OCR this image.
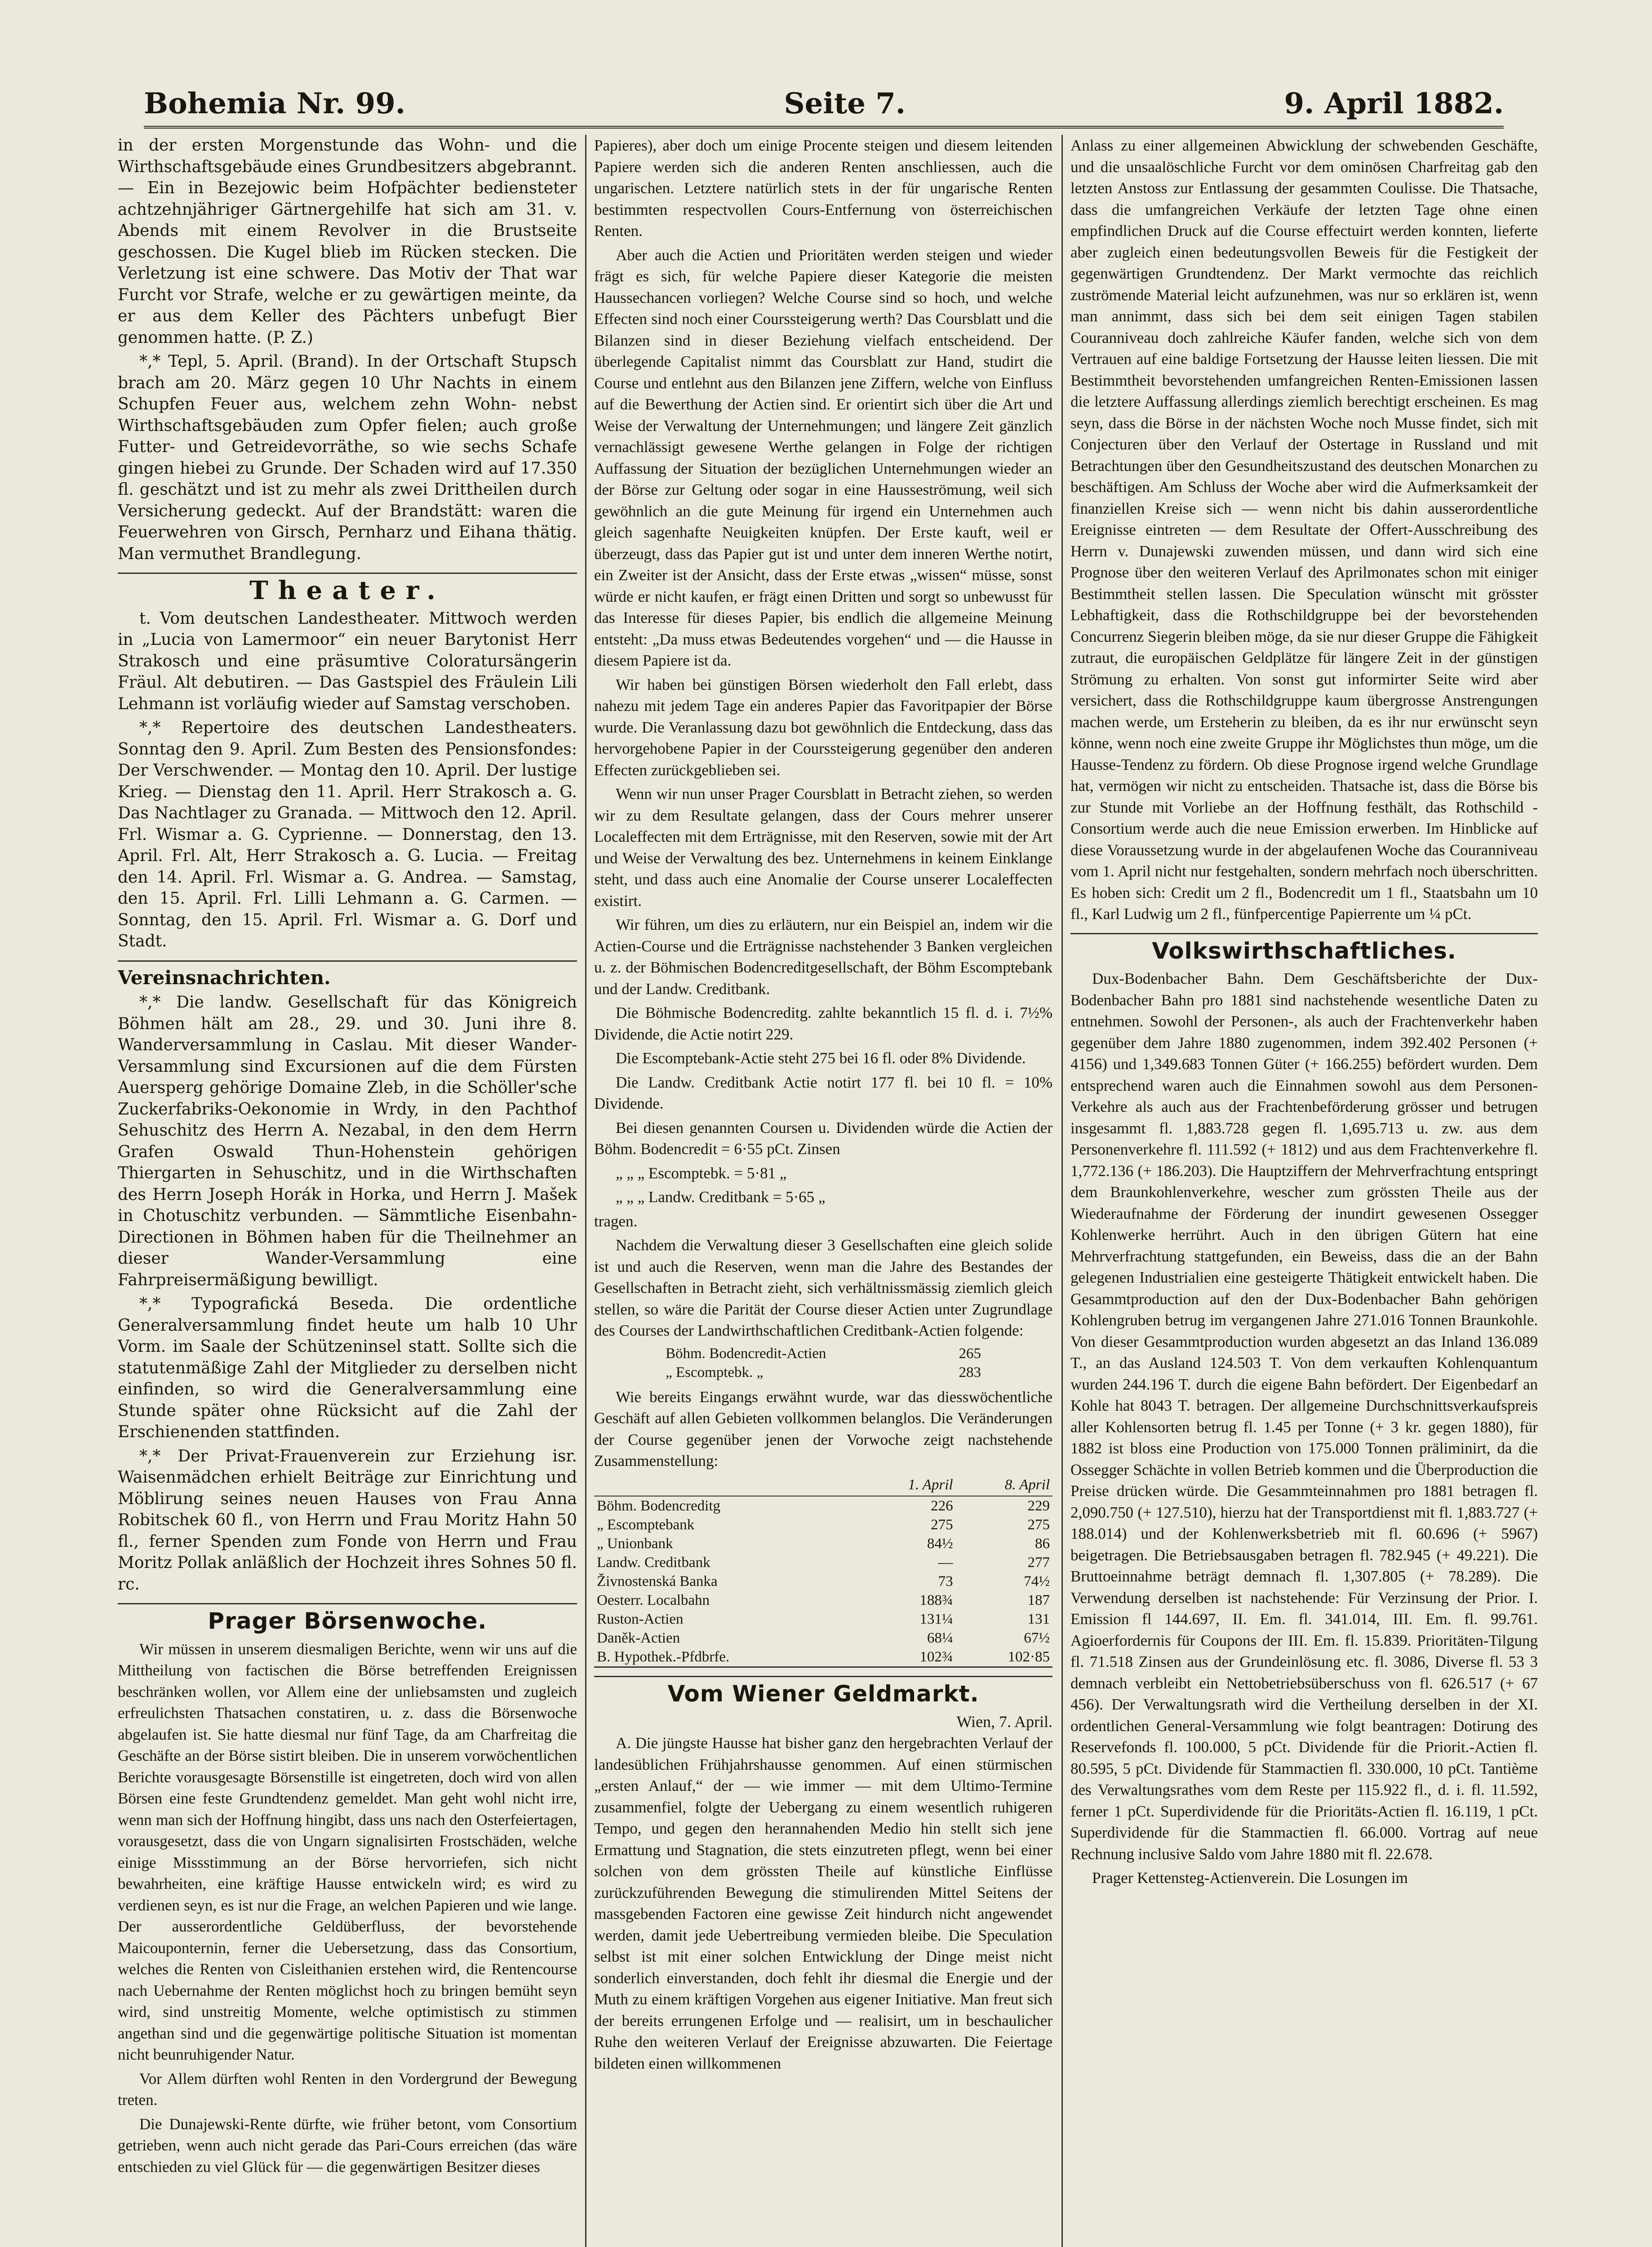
Bohemia Nr. 99.	Seite 7.	9. April 1882.

in der ersten Morgenstunde das Wohn- und die Wirthschaftsgebäude eines Grundbesitzers abgebrannt. — Ein in Bezejowic beim Hofpächter bediensteter achtzehnjähriger Gärtnergehilfe hat sich am 31. v. Abends mit einem Revolver in die Brustseite geschossen. Die Kugel blieb im Rücken stecken. Die Verletzung ist eine schwere. Das Motiv der That war Furcht vor Strafe, welche er zu gewärtigen meinte, da er aus dem Keller des Pächters unbefugt Bier genommen hatte. (P. Z.)

*,* Tepl, 5. April. (Brand). In der Ortschaft Stupsch brach am 20. März gegen 10 Uhr Nachts in einem Schupfen Feuer aus, welchem zehn Wohn- nebst Wirthschaftsgebäuden zum Opfer fielen; auch große Futter- und Getreidevorräthe, so wie sechs Schafe gingen hiebei zu Grunde. Der Schaden wird auf 17.350 fl. geschätzt und ist zu mehr als zwei Drittheilen durch Versicherung gedeckt. Auf der Brandstätt: waren die Feuerwehren von Girsch, Pernharz und Eihana thätig. Man vermuthet Brandlegung.

Theater.

t. Vom deutschen Landestheater. Mittwoch werden in „Lucia von Lamermoor“ ein neuer Barytonist Herr Strakosch und eine präsumtive Coloratursängerin Fräul. Alt debutiren. — Das Gastspiel des Fräulein Lili Lehmann ist vorläufig wieder auf Samstag verschoben.

*,* Repertoire des deutschen Landestheaters. Sonntag den 9. April. Zum Besten des Pensionsfondes: Der Verschwender. — Montag den 10. April. Der lustige Krieg. — Dienstag den 11. April. Herr Strakosch a. G. Das Nachtlager zu Granada. — Mittwoch den 12. April. Frl. Wismar a. G. Cyprienne. — Donnerstag, den 13. April. Frl. Alt, Herr Strakosch a. G. Lucia. — Freitag den 14. April. Frl. Wismar a. G. Andrea. — Samstag, den 15. April. Frl. Lilli Lehmann a. G. Carmen. — Sonntag, den 15. April. Frl. Wismar a. G. Dorf und Stadt.

Vereinsnachrichten.

*,* Die landw. Gesellschaft für das Königreich Böhmen hält am 28., 29. und 30. Juni ihre 8. Wanderversammlung in Caslau. Mit dieser Wander-Versammlung sind Excursionen auf die dem Fürsten Auersperg gehörige Domaine Zleb, in die Schöller'sche Zuckerfabriks-Oekonomie in Wrdy, in den Pachthof Sehuschitz des Herrn A. Nezabal, in den dem Herrn Grafen Oswald Thun-Hohenstein gehörigen Thiergarten in Sehuschitz, und in die Wirthschaften des Herrn Joseph Horák in Horka, und Herrn J. Mašek in Chotuschitz verbunden. — Sämmtliche Eisenbahn-Directionen in Böhmen haben für die Theilnehmer an dieser Wander-Versammlung eine Fahrpreisermäßigung bewilligt.

*,* Typografická Beseda. Die ordentliche Generalversammlung findet heute um halb 10 Uhr Vorm. im Saale der Schützeninsel statt. Sollte sich die statutenmäßige Zahl der Mitglieder zu derselben nicht einfinden, so wird die Generalversammlung eine Stunde später ohne Rücksicht auf die Zahl der Erschienenden stattfinden.

*,* Der Privat-Frauenverein zur Erziehung isr. Waisenmädchen erhielt Beiträge zur Einrichtung und Möblirung seines neuen Hauses von Frau Anna Robitschek 60 fl., von Herrn und Frau Moritz Hahn 50 fl., ferner Spenden zum Fonde von Herrn und Frau Moritz Pollak anläßlich der Hochzeit ihres Sohnes 50 fl. rc.

Prager Börsenwoche.

Wir müssen in unserem diesmaligen Berichte, wenn wir uns auf die Mittheilung von factischen die Börse betreffenden Ereignissen beschränken wollen, vor Allem eine der unliebsamsten und zugleich erfreulichsten Thatsachen constatiren, u. z. dass die Börsenwoche abgelaufen ist. Sie hatte diesmal nur fünf Tage, da am Charfreitag die Geschäfte an der Börse sistirt bleiben. Die in unserem vorwöchentlichen Berichte vorausgesagte Börsenstille ist eingetreten, doch wird von allen Börsen eine feste Grundtendenz gemeldet. Man geht wohl nicht irre, wenn man sich der Hoffnung hingibt, dass uns nach den Osterfeiertagen, vorausgesetzt, dass die von Ungarn signalisirten Frostschäden, welche einige Missstimmung an der Börse hervorriefen, sich nicht bewahrheiten, eine kräftige Hausse entwickeln wird; es wird zu verdienen seyn, es ist nur die Frage, an welchen Papieren und wie lange. Der ausserordentliche Geldüberfluss, der bevorstehende Maicouponternin, ferner die Uebersetzung, dass das Consortium, welches die Renten von Cisleithanien erstehen wird, die Rentencourse nach Uebernahme der Renten möglichst hoch zu bringen bemüht seyn wird, sind unstreitig Momente, welche optimistisch zu stimmen angethan sind und die gegenwärtige politische Situation ist momentan nicht beunruhigender Natur.

Vor Allem dürften wohl Renten in den Vordergrund der Bewegung treten.

Die Dunajewski-Rente dürfte, wie früher betont, vom Consortium getrieben, wenn auch nicht gerade das Pari-Cours erreichen (das wäre entschieden zu viel Glück für — die gegenwärtigen Besitzer dieses

Papieres), aber doch um einige Procente steigen und diesem leitenden Papiere werden sich die anderen Renten anschliessen, auch die ungarischen. Letztere natürlich stets in der für ungarische Renten bestimmten respectvollen Cours-Entfernung von österreichischen Renten.

Aber auch die Actien und Prioritäten werden steigen und wieder frägt es sich, für welche Papiere dieser Kategorie die meisten Haussechancen vorliegen? Welche Course sind so hoch, und welche Effecten sind noch einer Courssteigerung werth? Das Coursblatt und die Bilanzen sind in dieser Beziehung vielfach entscheidend. Der überlegende Capitalist nimmt das Coursblatt zur Hand, studirt die Course und entlehnt aus den Bilanzen jene Ziffern, welche von Einfluss auf die Bewerthung der Actien sind. Er orientirt sich über die Art und Weise der Verwaltung der Unternehmungen; und längere Zeit gänzlich vernachlässigt gewesene Werthe gelangen in Folge der richtigen Auffassung der Situation der bezüglichen Unternehmungen wieder an der Börse zur Geltung oder sogar in eine Hausseströmung, weil sich gewöhnlich an die gute Meinung für irgend ein Unternehmen auch gleich sagenhafte Neuigkeiten knüpfen. Der Erste kauft, weil er überzeugt, dass das Papier gut ist und unter dem inneren Werthe notirt, ein Zweiter ist der Ansicht, dass der Erste etwas „wissen“ müsse, sonst würde er nicht kaufen, er frägt einen Dritten und sorgt so unbewusst für das Interesse für dieses Papier, bis endlich die allgemeine Meinung entsteht: „Da muss etwas Bedeutendes vorgehen“ und — die Hausse in diesem Papiere ist da.

Wir haben bei günstigen Börsen wiederholt den Fall erlebt, dass nahezu mit jedem Tage ein anderes Papier das Favoritpapier der Börse wurde. Die Veranlassung dazu bot gewöhnlich die Entdeckung, dass das hervorgehobene Papier in der Courssteigerung gegenüber den anderen Effecten zurückgeblieben sei.

Wenn wir nun unser Prager Coursblatt in Betracht ziehen, so werden wir zu dem Resultate gelangen, dass der Cours mehrer unserer Localeffecten mit dem Erträgnisse, mit den Reserven, sowie mit der Art und Weise der Verwaltung des bez. Unternehmens in keinem Einklange steht, und dass auch eine Anomalie der Course unserer Localeffecten existirt.

Wir führen, um dies zu erläutern, nur ein Beispiel an, indem wir die Actien-Course und die Erträgnisse nachstehender 3 Banken vergleichen u. z. der Böhmischen Bodencreditgesellschaft, der Böhm Escomptebank und der Landw. Creditbank.

Die Böhmische Bodencreditg. zahlte bekanntlich 15 fl. d. i. 7½% Dividende, die Actie notirt 229.

Die Escomptebank-Actie steht 275 bei 16 fl. oder 8% Dividende.

Die Landw. Creditbank Actie notirt 177 fl. bei 10 fl. = 10% Dividende.

Bei diesen genannten Coursen u. Dividenden würde die Actien der Böhm. Bodencredit = 6·55 pCt. Zinsen

„ „ „ Escomptebk. = 5·81 „

„ „ „ Landw. Creditbank = 5·65 „

tragen.

Nachdem die Verwaltung dieser 3 Gesellschaften eine gleich solide ist und auch die Reserven, wenn man die Jahre des Bestandes der Gesellschaften in Betracht zieht, sich verhältnissmässig ziemlich gleich stellen, so wäre die Parität der Course dieser Actien unter Zugrundlage des Courses der Landwirthschaftlichen Creditbank-Actien folgende:

Böhm. Bodencredit-Actien	265
„ Escomptebk. „	283

Wie bereits Eingangs erwähnt wurde, war das diesswöchentliche Geschäft auf allen Gebieten vollkommen belanglos. Die Veränderungen der Course gegenüber jenen der Vorwoche zeigt nachstehende Zusammenstellung:

	1. April	8. April
Böhm. Bodencreditg	226	229
„ Escomptebank	275	275
„ Unionbank	84½	86
Landw. Creditbank	—	277
Živnostenská Banka	73	74½
Oesterr. Localbahn	188¾	187
Ruston-Actien	131¼	131
Daněk-Actien	68¼	67½
B. Hypothek.-Pfdbrfe.	102¾	102·85
Vom Wiener Geldmarkt.
Wien, 7. April.

A. Die jüngste Hausse hat bisher ganz den hergebrachten Verlauf der landesüblichen Frühjahrshausse genommen. Auf einen stürmischen „ersten Anlauf,“ der — wie immer — mit dem Ultimo-Termine zusammenfiel, folgte der Uebergang zu einem wesentlich ruhigeren Tempo, und gegen den herannahenden Medio hin stellt sich jene Ermattung und Stagnation, die stets einzutreten pflegt, wenn bei einer solchen von dem grössten Theile auf künstliche Einflüsse zurückzuführenden Bewegung die stimulirenden Mittel Seitens der massgebenden Factoren eine gewisse Zeit hindurch nicht angewendet werden, damit jede Uebertreibung vermieden bleibe. Die Speculation selbst ist mit einer solchen Entwicklung der Dinge meist nicht sonderlich einverstanden, doch fehlt ihr diesmal die Energie und der Muth zu einem kräftigen Vorgehen aus eigener Initiative. Man freut sich der bereits errungenen Erfolge und — realisirt, um in beschaulicher Ruhe den weiteren Verlauf der Ereignisse abzuwarten. Die Feiertage bildeten einen willkommenen

Anlass zu einer allgemeinen Abwicklung der schwebenden Geschäfte, und die unsaalöschliche Furcht vor dem ominösen Charfreitag gab den letzten Anstoss zur Entlassung der gesammten Coulisse. Die Thatsache, dass die umfangreichen Verkäufe der letzten Tage ohne einen empfindlichen Druck auf die Course effectuirt werden konnten, lieferte aber zugleich einen bedeutungsvollen Beweis für die Festigkeit der gegenwärtigen Grundtendenz. Der Markt vermochte das reichlich zuströmende Material leicht aufzunehmen, was nur so erklären ist, wenn man annimmt, dass sich bei dem seit einigen Tagen stabilen Couranniveau doch zahlreiche Käufer fanden, welche sich von dem Vertrauen auf eine baldige Fortsetzung der Hausse leiten liessen. Die mit Bestimmtheit bevorstehenden umfangreichen Renten-Emissionen lassen die letztere Auffassung allerdings ziemlich berechtigt erscheinen. Es mag seyn, dass die Börse in der nächsten Woche noch Musse findet, sich mit Conjecturen über den Verlauf der Ostertage in Russland und mit Betrachtungen über den Gesundheitszustand des deutschen Monarchen zu beschäftigen. Am Schluss der Woche aber wird die Aufmerksamkeit der finanziellen Kreise sich — wenn nicht bis dahin ausserordentliche Ereignisse eintreten — dem Resultate der Offert-Ausschreibung des Herrn v. Dunajewski zuwenden müssen, und dann wird sich eine Prognose über den weiteren Verlauf des Aprilmonates schon mit einiger Bestimmtheit stellen lassen. Die Speculation wünscht mit grösster Lebhaftigkeit, dass die Rothschildgruppe bei der bevorstehenden Concurrenz Siegerin bleiben möge, da sie nur dieser Gruppe die Fähigkeit zutraut, die europäischen Geldplätze für längere Zeit in der günstigen Strömung zu erhalten. Von sonst gut informirter Seite wird aber versichert, dass die Rothschildgruppe kaum übergrosse Anstrengungen machen werde, um Ersteherin zu bleiben, da es ihr nur erwünscht seyn könne, wenn noch eine zweite Gruppe ihr Möglichstes thun möge, um die Hausse-Tendenz zu fördern. Ob diese Prognose irgend welche Grundlage hat, vermögen wir nicht zu entscheiden. Thatsache ist, dass die Börse bis zur Stunde mit Vorliebe an der Hoffnung festhält, das Rothschild - Consortium werde auch die neue Emission erwerben. Im Hinblicke auf diese Voraussetzung wurde in der abgelaufenen Woche das Couranniveau vom 1. April nicht nur festgehalten, sondern mehrfach noch überschritten. Es hoben sich: Credit um 2 fl., Bodencredit um 1 fl., Staatsbahn um 10 fl., Karl Ludwig um 2 fl., fünfpercentige Papierrente um ¼ pCt.

Volkswirthschaftliches.

Dux-Bodenbacher Bahn. Dem Geschäftsberichte der Dux-Bodenbacher Bahn pro 1881 sind nachstehende wesentliche Daten zu entnehmen. Sowohl der Personen-, als auch der Frachtenverkehr haben gegenüber dem Jahre 1880 zugenommen, indem 392.402 Personen (+ 4156) und 1,349.683 Tonnen Güter (+ 166.255) befördert wurden. Dem entsprechend waren auch die Einnahmen sowohl aus dem Personen-Verkehre als auch aus der Frachtenbeförderung grösser und betrugen insgesammt fl. 1,883.728 gegen fl. 1,695.713 u. zw. aus dem Personenverkehre fl. 111.592 (+ 1812) und aus dem Frachtenverkehre fl. 1,772.136 (+ 186.203). Die Hauptziffern der Mehrverfrachtung entspringt dem Braunkohlenverkehre, wescher zum grössten Theile aus der Wiederaufnahme der Förderung der inundirt gewesenen Ossegger Kohlenwerke herrührt. Auch in den übrigen Gütern hat eine Mehrverfrachtung stattgefunden, ein Beweiss, dass die an der Bahn gelegenen Industrialien eine gesteigerte Thätigkeit entwickelt haben. Die Gesammtproduction auf den der Dux-Bodenbacher Bahn gehörigen Kohlengruben betrug im vergangenen Jahre 271.016 Tonnen Braunkohle. Von dieser Gesammtproduction wurden abgesetzt an das Inland 136.089 T., an das Ausland 124.503 T. Von dem verkauften Kohlenquantum wurden 244.196 T. durch die eigene Bahn befördert. Der Eigenbedarf an Kohle hat 8043 T. betragen. Der allgemeine Durchschnittsverkaufspreis aller Kohlensorten betrug fl. 1.45 per Tonne (+ 3 kr. gegen 1880), für 1882 ist bloss eine Production von 175.000 Tonnen präliminirt, da die Ossegger Schächte in vollen Betrieb kommen und die Überproduction die Preise drücken würde. Die Gesammteinnahmen pro 1881 betragen fl. 2,090.750 (+ 127.510), hierzu hat der Transportdienst mit fl. 1,883.727 (+ 188.014) und der Kohlenwerksbetrieb mit fl. 60.696 (+ 5967) beigetragen. Die Betriebsausgaben betragen fl. 782.945 (+ 49.221). Die Bruttoeinnahme beträgt demnach fl. 1,307.805 (+ 78.289). Die Verwendung derselben ist nachstehende: Für Verzinsung der Prior. I. Emission fl 144.697, II. Em. fl. 341.014, III. Em. fl. 99.761. Agioerfordernis für Coupons der III. Em. fl. 15.839. Prioritäten-Tilgung fl. 71.518 Zinsen aus der Grundeinlösung etc. fl. 3086, Diverse fl. 53 3 demnach verbleibt ein Nettobetriebsüberschuss von fl. 626.517 (+ 67 456). Der Verwaltungsrath wird die Vertheilung derselben in der XI. ordentlichen General-Versammlung wie folgt beantragen: Dotirung des Reservefonds fl. 100.000, 5 pCt. Dividende für die Priorit.-Actien fl. 80.595, 5 pCt. Dividende für Stammactien fl. 330.000, 10 pCt. Tantième des Verwaltungsrathes vom dem Reste per 115.922 fl., d. i. fl. 11.592, ferner 1 pCt. Superdividende für die Prioritäts-Actien fl. 16.119, 1 pCt. Superdividende für die Stammactien fl. 66.000. Vortrag auf neue Rechnung inclusive Saldo vom Jahre 1880 mit fl. 22.678.

Prager Kettensteg-Actienverein. Die Losungen im
